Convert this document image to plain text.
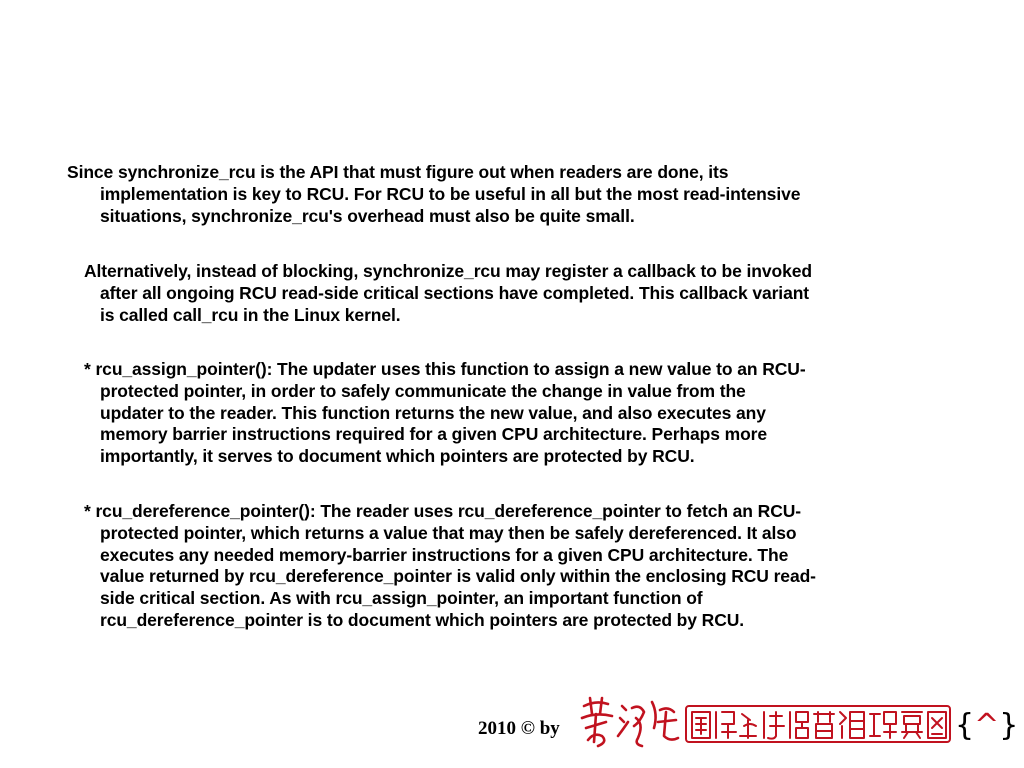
Since synchronize_rcu is the API that must figure out when readers are done, its
implementation is key to RCU. For RCU to be useful in all but the most read-intensive
situations, synchronize_rcu's overhead must also be quite small.
Alternatively, instead of blocking, synchronize_rcu may register a callback to be invoked
after all ongoing RCU read-side critical sections have completed. This callback variant
is called call_rcu in the Linux kernel.
* rcu_assign_pointer(): The updater uses this function to assign a new value to an RCU-
protected pointer, in order to safely communicate the change in value from the
updater to the reader. This function returns the new value, and also executes any
memory barrier instructions required for a given CPU architecture. Perhaps more
importantly, it serves to document which pointers are protected by RCU.
* rcu_dereference_pointer(): The reader uses rcu_dereference_pointer to fetch an RCU-
protected pointer, which returns a value that may then be safely dereferenced. It also
executes any needed memory-barrier instructions for a given CPU architecture. The
value returned by rcu_dereference_pointer is valid only within the enclosing RCU read-
side critical section. As with rcu_assign_pointer, an important function of
rcu_dereference_pointer is to document which pointers are protected by RCU.
2010 © by	{^}
